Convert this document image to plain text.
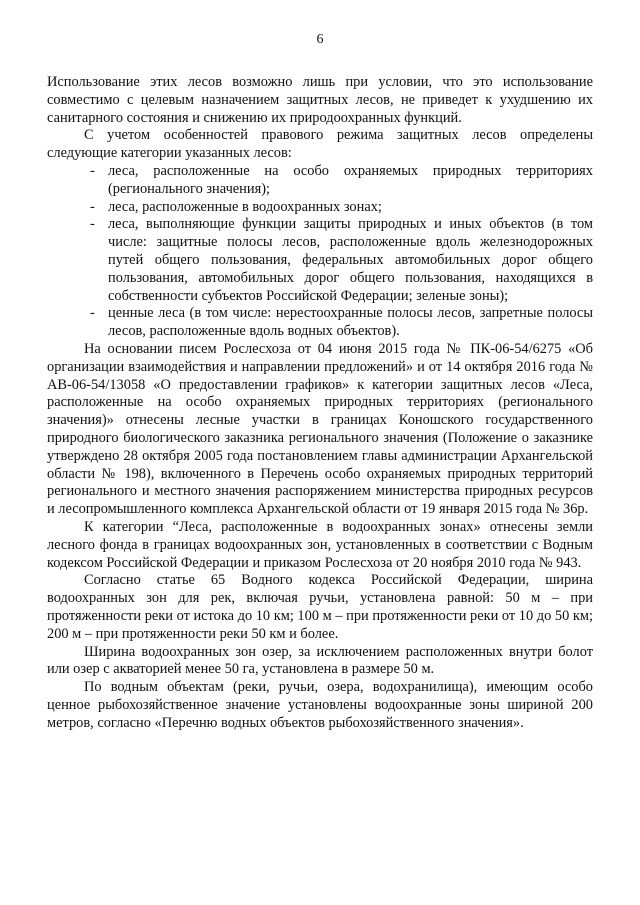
6

Использование этих лесов возможно лишь при условии, что это использование совместимо с целевым назначением защитных лесов, не приведет к ухудшению их санитарного состояния и снижению их природоохранных функций.

С учетом особенностей правового режима защитных лесов определены следующие категории указанных лесов:

- леса, расположенные на особо охраняемых природных территориях (регионального значения);
- леса, расположенные в водоохранных зонах;
- леса, выполняющие функции защиты природных и иных объектов (в том числе: защитные полосы лесов, расположенные вдоль железнодорожных путей общего пользования, федеральных автомобильных дорог общего пользования, автомобильных дорог общего пользования, находящихся в собственности субъектов Российской Федерации; зеленые зоны);
- ценные леса (в том числе: нерестоохранные полосы лесов, запретные полосы лесов, расположенные вдоль водных объектов).

На основании писем Рослесхоза от 04 июня 2015 года № ПК-06-54/6275 «Об организации взаимодействия и направлении предложений» и от 14 октября 2016 года № АВ-06-54/13058 «О предоставлении графиков» к категории защитных лесов «Леса, расположенные на особо охраняемых природных территориях (регионального значения)» отнесены лесные участки в границах Коношского государственного природного биологического заказника регионального значения (Положение о заказнике утверждено 28 октября 2005 года постановлением главы администрации Архангельской области № 198), включенного в Перечень особо охраняемых природных территорий регионального и местного значения распоряжением министерства природных ресурсов и лесопромышленного комплекса Архангельской области от 19 января 2015 года № 36р.

К категории “Леса, расположенные в водоохранных зонах» отнесены земли лесного фонда в границах водоохранных зон, установленных в соответствии с Водным кодексом Российской Федерации и приказом Рослесхоза от 20 ноября 2010 года № 943.

Согласно статье 65 Водного кодекса Российской Федерации, ширина водоохранных зон для рек, включая ручьи, установлена равной: 50 м – при протяженности реки от истока до 10 км; 100 м – при протяженности реки от 10 до 50 км; 200 м – при протяженности реки 50 км и более.

Ширина водоохранных зон озер, за исключением расположенных внутри болот или озер с акваторией менее 50 га, установлена в размере 50 м.

По водным объектам (реки, ручьи, озера, водохранилища), имеющим особо ценное рыбохозяйственное значение установлены водоохранные зоны шириной 200 метров, согласно «Перечню водных объектов рыбохозяйственного значения».
